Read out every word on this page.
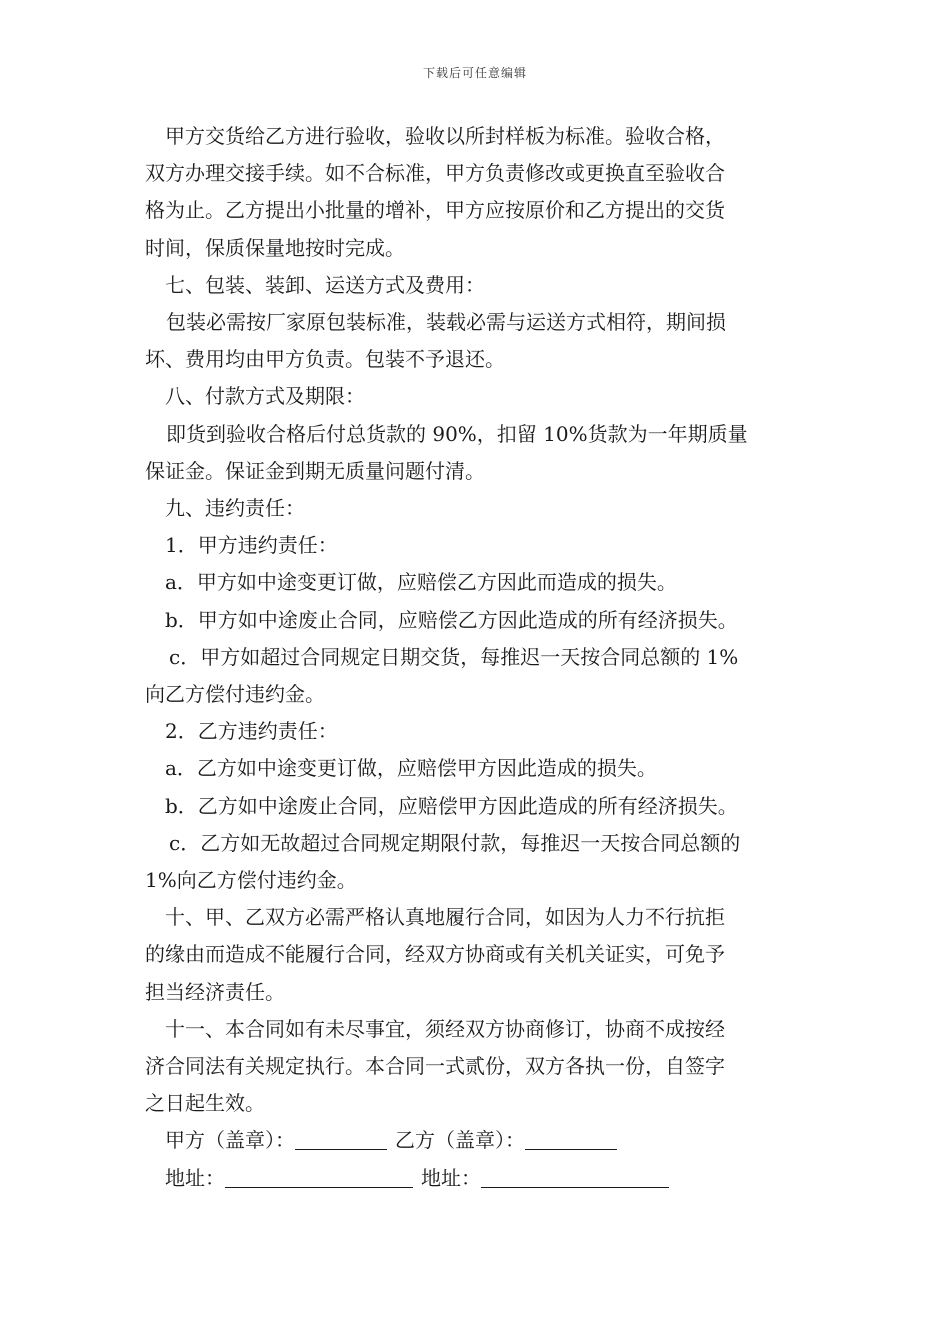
下载后可任意编辑
甲方交货给乙方进行验收，验收以所封样板为标准。验收合格，
双方办理交接手续。如不合标准，甲方负责修改或更换直至验收合
格为止。乙方提出小批量的增补，甲方应按原价和乙方提出的交货
时间，保质保量地按时完成。
七、包装、装卸、运送方式及费用：
包装必需按厂家原包装标准，装载必需与运送方式相符，期间损
坏、费用均由甲方负责。包装不予退还。
八、付款方式及期限：
即货到验收合格后付总货款的 90%，扣留 10%货款为一年期质量
保证金。保证金到期无质量问题付清。
九、违约责任：
1．甲方违约责任：
a．甲方如中途变更订做，应赔偿乙方因此而造成的损失。
b．甲方如中途废止合同，应赔偿乙方因此造成的所有经济损失。
c．甲方如超过合同规定日期交货，每推迟一天按合同总额的 1%
向乙方偿付违约金。
2．乙方违约责任：
a．乙方如中途变更订做，应赔偿甲方因此造成的损失。
b．乙方如中途废止合同，应赔偿甲方因此造成的所有经济损失。
c．乙方如无故超过合同规定期限付款，每推迟一天按合同总额的
1%向乙方偿付违约金。
十、甲、乙双方必需严格认真地履行合同，如因为人力不行抗拒
的缘由而造成不能履行合同，经双方协商或有关机关证实，可免予
担当经济责任。
十一、本合同如有未尽事宜，须经双方协商修订，协商不成按经
济合同法有关规定执行。本合同一式贰份，双方各执一份，自签字
之日起生效。
甲方（盖章）：	乙方（盖章）：
地址：	地址：
